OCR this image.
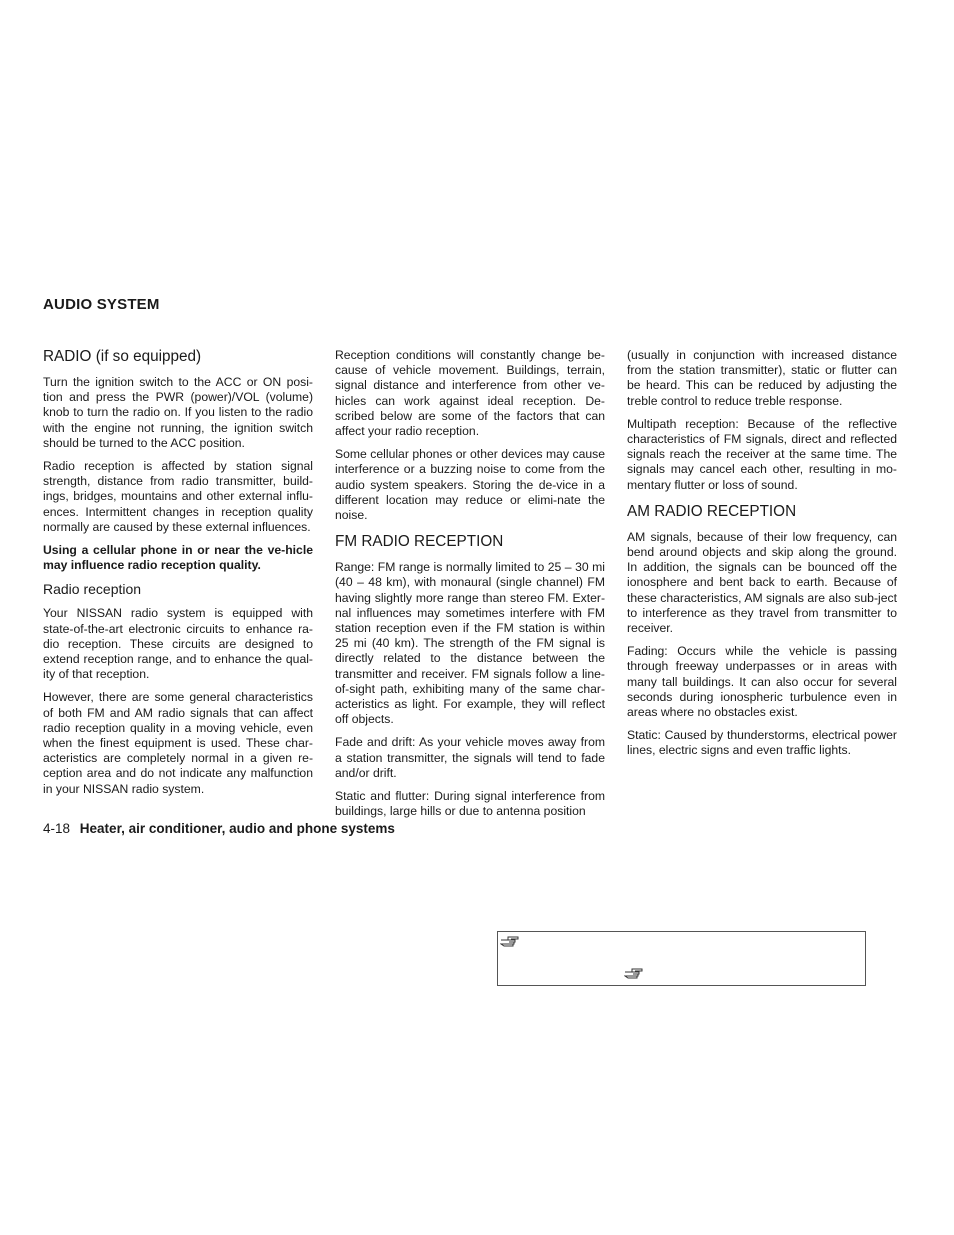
AUDIO SYSTEM
RADIO (if so equipped)

Turn the ignition switch to the ACC or ON posi-tion and press the PWR (power)/VOL (volume) knob to turn the radio on. If you listen to the radio with the engine not running, the ignition switch should be turned to the ACC position.

Radio reception is affected by station signal strength, distance from radio transmitter, build-ings, bridges, mountains and other external influ-ences. Intermittent changes in reception quality normally are caused by these external influences.

Using a cellular phone in or near the ve-hicle may influence radio reception quality.

Radio reception

Your NISSAN radio system is equipped with state-of-the-art electronic circuits to enhance ra-dio reception. These circuits are designed to extend reception range, and to enhance the qual-ity of that reception.

However, there are some general characteristics of both FM and AM radio signals that can affect radio reception quality in a moving vehicle, even when the finest equipment is used. These char-acteristics are completely normal in a given re-ception area and do not indicate any malfunction in your NISSAN radio system.

Reception conditions will constantly change be-cause of vehicle movement. Buildings, terrain, signal distance and interference from other ve-hicles can work against ideal reception. De-scribed below are some of the factors that can affect your radio reception.

Some cellular phones or other devices may cause interference or a buzzing noise to come from the audio system speakers. Storing the de-vice in a different location may reduce or elimi-nate the noise.

FM RADIO RECEPTION

Range: FM range is normally limited to 25 – 30 mi (40 – 48 km), with monaural (single channel) FM having slightly more range than stereo FM. Exter-nal influences may sometimes interfere with FM station reception even if the FM station is within 25 mi (40 km). The strength of the FM signal is directly related to the distance between the transmitter and receiver. FM signals follow a line-of-sight path, exhibiting many of the same char-acteristics as light. For example, they will reflect off objects.

Fade and drift: As your vehicle moves away from a station transmitter, the signals will tend to fade and/or drift.

Static and flutter: During signal interference from buildings, large hills or due to antenna position

(usually in conjunction with increased distance from the station transmitter), static or flutter can be heard. This can be reduced by adjusting the treble control to reduce treble response.

Multipath reception: Because of the reflective characteristics of FM signals, direct and reflected signals reach the receiver at the same time. The signals may cancel each other, resulting in mo-mentary flutter or loss of sound.

AM RADIO RECEPTION

AM signals, because of their low frequency, can bend around objects and skip along the ground. In addition, the signals can be bounced off the ionosphere and bent back to earth. Because of these characteristics, AM signals are also sub-ject to interference as they travel from transmitter to receiver.

Fading: Occurs while the vehicle is passing through freeway underpasses or in areas with many tall buildings. It can also occur for several seconds during ionospheric turbulence even in areas where no obstacles exist.

Static: Caused by thunderstorms, electrical power lines, electric signs and even traffic lights.

4-18 Heater, air conditioner, audio and phone systems
